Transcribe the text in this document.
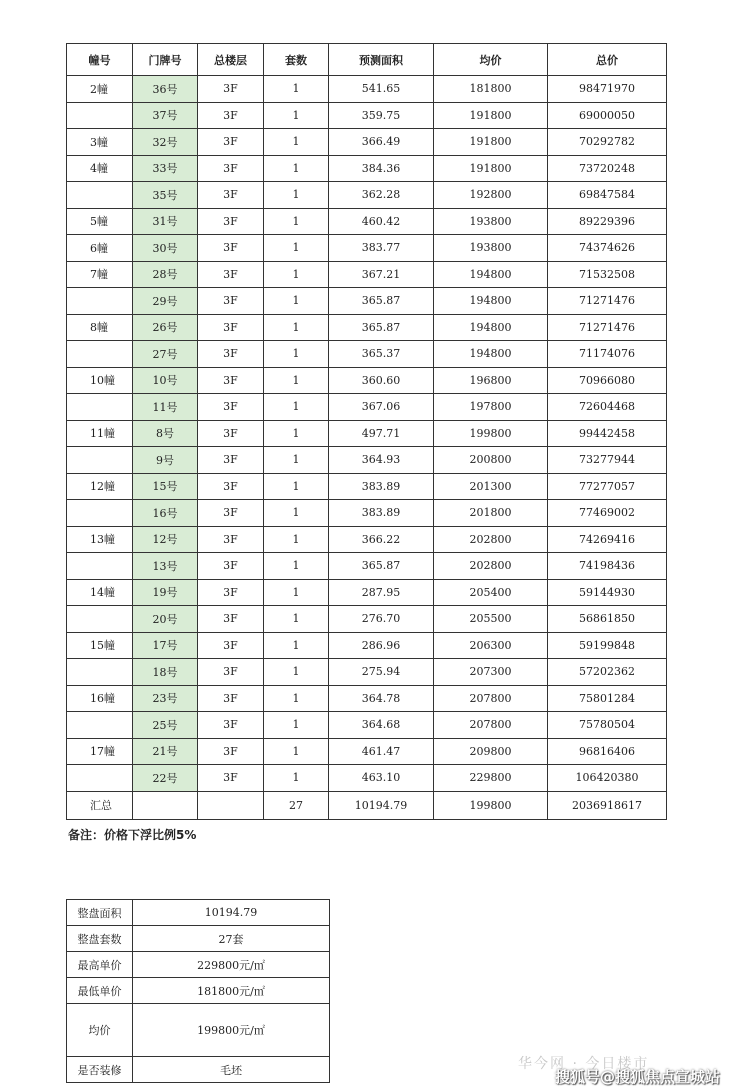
幢号	门牌号	总楼层	套数	预测面积	均价	总价
2幢	36号	3F	1	541.65	181800	98471970
	37号	3F	1	359.75	191800	69000050
3幢	32号	3F	1	366.49	191800	70292782
4幢	33号	3F	1	384.36	191800	73720248
	35号	3F	1	362.28	192800	69847584
5幢	31号	3F	1	460.42	193800	89229396
6幢	30号	3F	1	383.77	193800	74374626
7幢	28号	3F	1	367.21	194800	71532508
	29号	3F	1	365.87	194800	71271476
8幢	26号	3F	1	365.87	194800	71271476
	27号	3F	1	365.37	194800	71174076
10幢	10号	3F	1	360.60	196800	70966080
	11号	3F	1	367.06	197800	72604468
11幢	8号	3F	1	497.71	199800	99442458
	9号	3F	1	364.93	200800	73277944
12幢	15号	3F	1	383.89	201300	77277057
	16号	3F	1	383.89	201800	77469002
13幢	12号	3F	1	366.22	202800	74269416
	13号	3F	1	365.87	202800	74198436
14幢	19号	3F	1	287.95	205400	59144930
	20号	3F	1	276.70	205500	56861850
15幢	17号	3F	1	286.96	206300	59199848
	18号	3F	1	275.94	207300	57202362
16幢	23号	3F	1	364.78	207800	75801284
	25号	3F	1	364.68	207800	75780504
17幢	21号	3F	1	461.47	209800	96816406
	22号	3F	1	463.10	229800	106420380
汇总			27	10194.79	199800	2036918617
备注：价格下浮比例5%
整盘面积	10194.79
整盘套数	27套
最高单价	229800元/㎡
最低单价	181800元/㎡
均价	199800元/㎡
是否装修	毛坯	华今网 · 今日楼市
搜狐号@搜狐焦点宣城站
